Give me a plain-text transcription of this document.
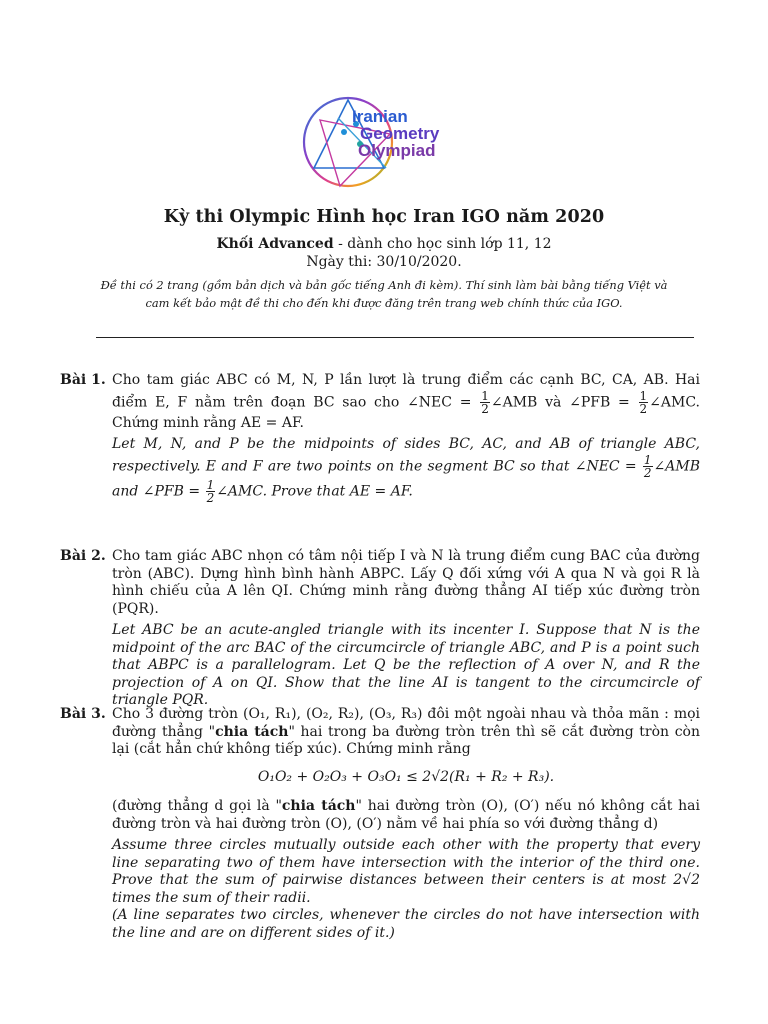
Iranian
Geometry
Olympiad
Kỳ thi Olympic Hình học Iran IGO năm 2020
Khối Advanced - dành cho học sinh lớp 11, 12
Ngày thi: 30/10/2020.
Đề thi có 2 trang (gồm bản dịch và bản gốc tiếng Anh đi kèm). Thí sinh làm bài bằng tiếng Việt và
cam kết bảo mật đề thi cho đến khi được đăng trên trang web chính thức của IGO.
Bài 1. Cho tam giác ABC có M, N, P lần lượt là trung điểm các cạnh BC, CA, AB. Hai điểm E, F nằm trên đoạn BC sao cho ∠NEC = $\frac{1}{2}$ ∠AMB và ∠PFB = $\frac{1}{2}$ ∠AMC. Chứng minh rằng AE = AF.

Let M, N, and P be the midpoints of sides BC, AC, and AB of triangle ABC, respectively. E and F are two points on the segment BC so that ∠NEC = $\frac{1}{2}$ ∠AMB and ∠PFB = $\frac{1}{2}$ ∠AMC. Prove that AE = AF.

Bài 2. Cho tam giác ABC nhọn có tâm nội tiếp I và N là trung điểm cung BAC của đường tròn (ABC). Dựng hình bình hành ABPC. Lấy Q đối xứng với A qua N và gọi R là hình chiếu của A lên QI. Chứng minh rằng đường thẳng AI tiếp xúc đường tròn (PQR).

Let ABC be an acute-angled triangle with its incenter I. Suppose that N is the midpoint of the arc BAC of the circumcircle of triangle ABC, and P is a point such that ABPC is a parallelogram. Let Q be the reflection of A over N, and R the projection of A on QI. Show that the line AI is tangent to the circumcircle of triangle PQR.

Bài 3. Cho 3 đường tròn (O₁, R₁), (O₂, R₂), (O₃, R₃) đôi một ngoài nhau và thỏa mãn : mọi đường thẳng "chia tách" hai trong ba đường tròn trên thì sẽ cắt đường tròn còn lại (cắt hẳn chứ không tiếp xúc). Chứng minh rằng

O₁O₂ + O₂O₃ + O₃O₁ ≤ 2√2(R₁ + R₂ + R₃).

(đường thẳng d gọi là "chia tách" hai đường tròn (O), (O′) nếu nó không cắt hai đường tròn và hai đường tròn (O), (O′) nằm về hai phía so với đường thẳng d)

Assume three circles mutually outside each other with the property that every line separating two of them have intersection with the interior of the third one. Prove that the sum of pairwise distances between their centers is at most 2√2 times the sum of their radii.

(A line separates two circles, whenever the circles do not have intersection with the line and are on different sides of it.)
